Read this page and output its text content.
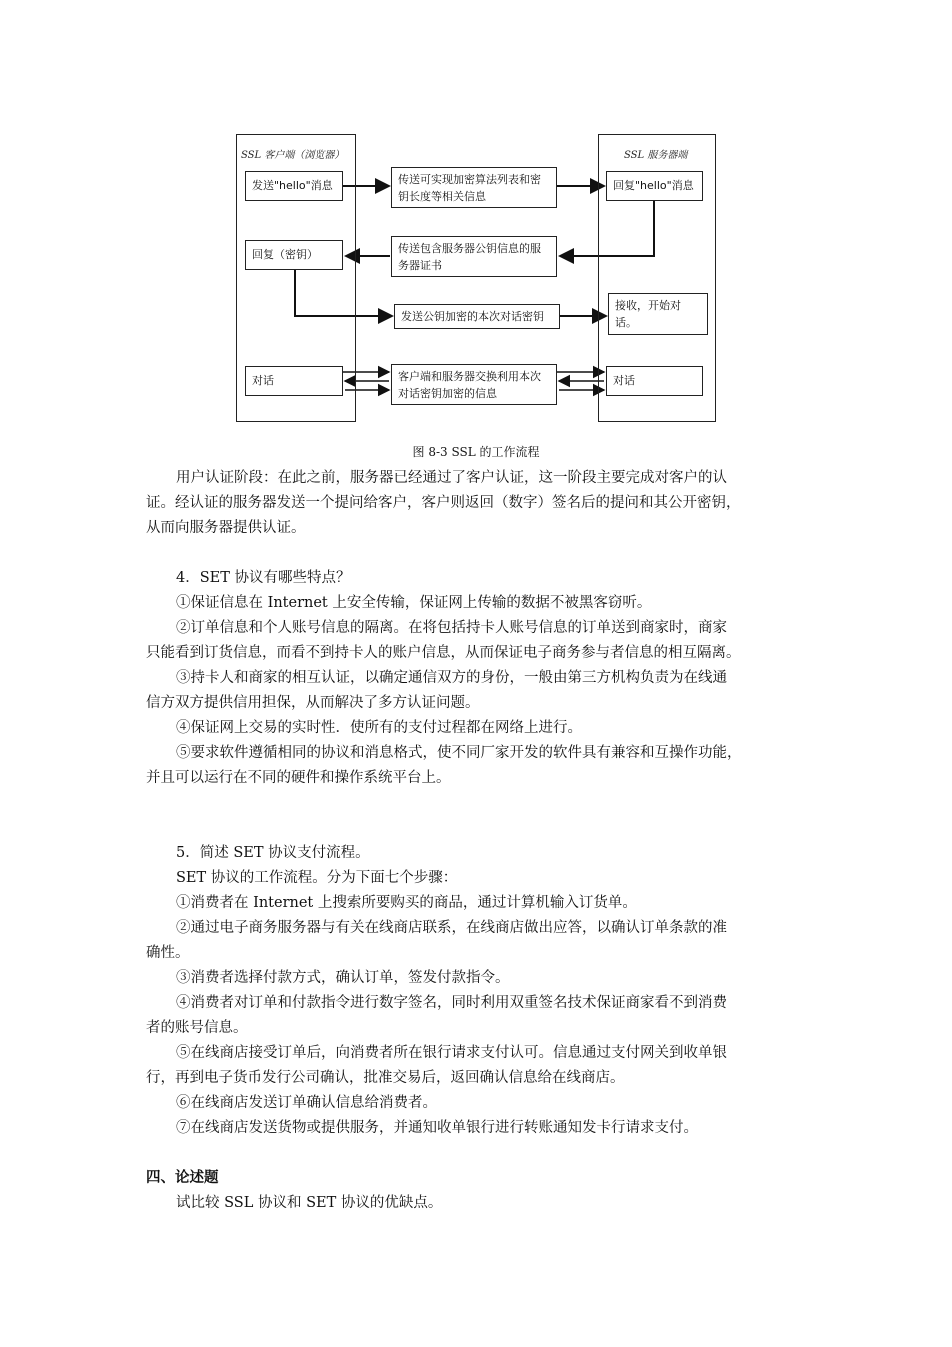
SSL 客户端（浏览器）	SSL 服务器端
发送"hello"消息	传送可实现加密算法列表和密钥长度等相关信息
回复"hello"消息
回复（密钥）	传送包含服务器公钥信息的服务器证书
发送公钥加密的本次对话密钥
接收，开始对话。
对话	客户端和服务器交换利用本次对话密钥加密的信息
对话
图 8-3 SSL 的工作流程

用户认证阶段：在此之前，服务器已经通过了客户认证，这一阶段主要完成对客户的认

证。经认证的服务器发送一个提问给客户，客户则返回（数字）签名后的提问和其公开密钥，

从而向服务器提供认证。

4．SET 协议有哪些特点？

①保证信息在 Internet 上安全传输，保证网上传输的数据不被黑客窃听。

②订单信息和个人账号信息的隔离。在将包括持卡人账号信息的订单送到商家时，商家

只能看到订货信息，而看不到持卡人的账户信息，从而保证电子商务参与者信息的相互隔离。

③持卡人和商家的相互认证，以确定通信双方的身份，一般由第三方机构负责为在线通

信方双方提供信用担保，从而解决了多方认证问题。

④保证网上交易的实时性．使所有的支付过程都在网络上进行。

⑤要求软件遵循相同的协议和消息格式，使不同厂家开发的软件具有兼容和互操作功能，

并且可以运行在不同的硬件和操作系统平台上。

5．简述 SET 协议支付流程。

SET 协议的工作流程。分为下面七个步骤：

①消费者在 Internet 上搜索所要购买的商品，通过计算机输入订货单。

②通过电子商务服务器与有关在线商店联系，在线商店做出应答，以确认订单条款的准

确性。

③消费者选择付款方式，确认订单，签发付款指令。

④消费者对订单和付款指令进行数字签名，同时利用双重签名技术保证商家看不到消费

者的账号信息。

⑤在线商店接受订单后，向消费者所在银行请求支付认可。信息通过支付网关到收单银

行，再到电子货币发行公司确认，批准交易后，返回确认信息给在线商店。

⑥在线商店发送订单确认信息给消费者。

⑦在线商店发送货物或提供服务，并通知收单银行进行转账通知发卡行请求支付。

四、论述题

试比较 SSL 协议和 SET 协议的优缺点。
